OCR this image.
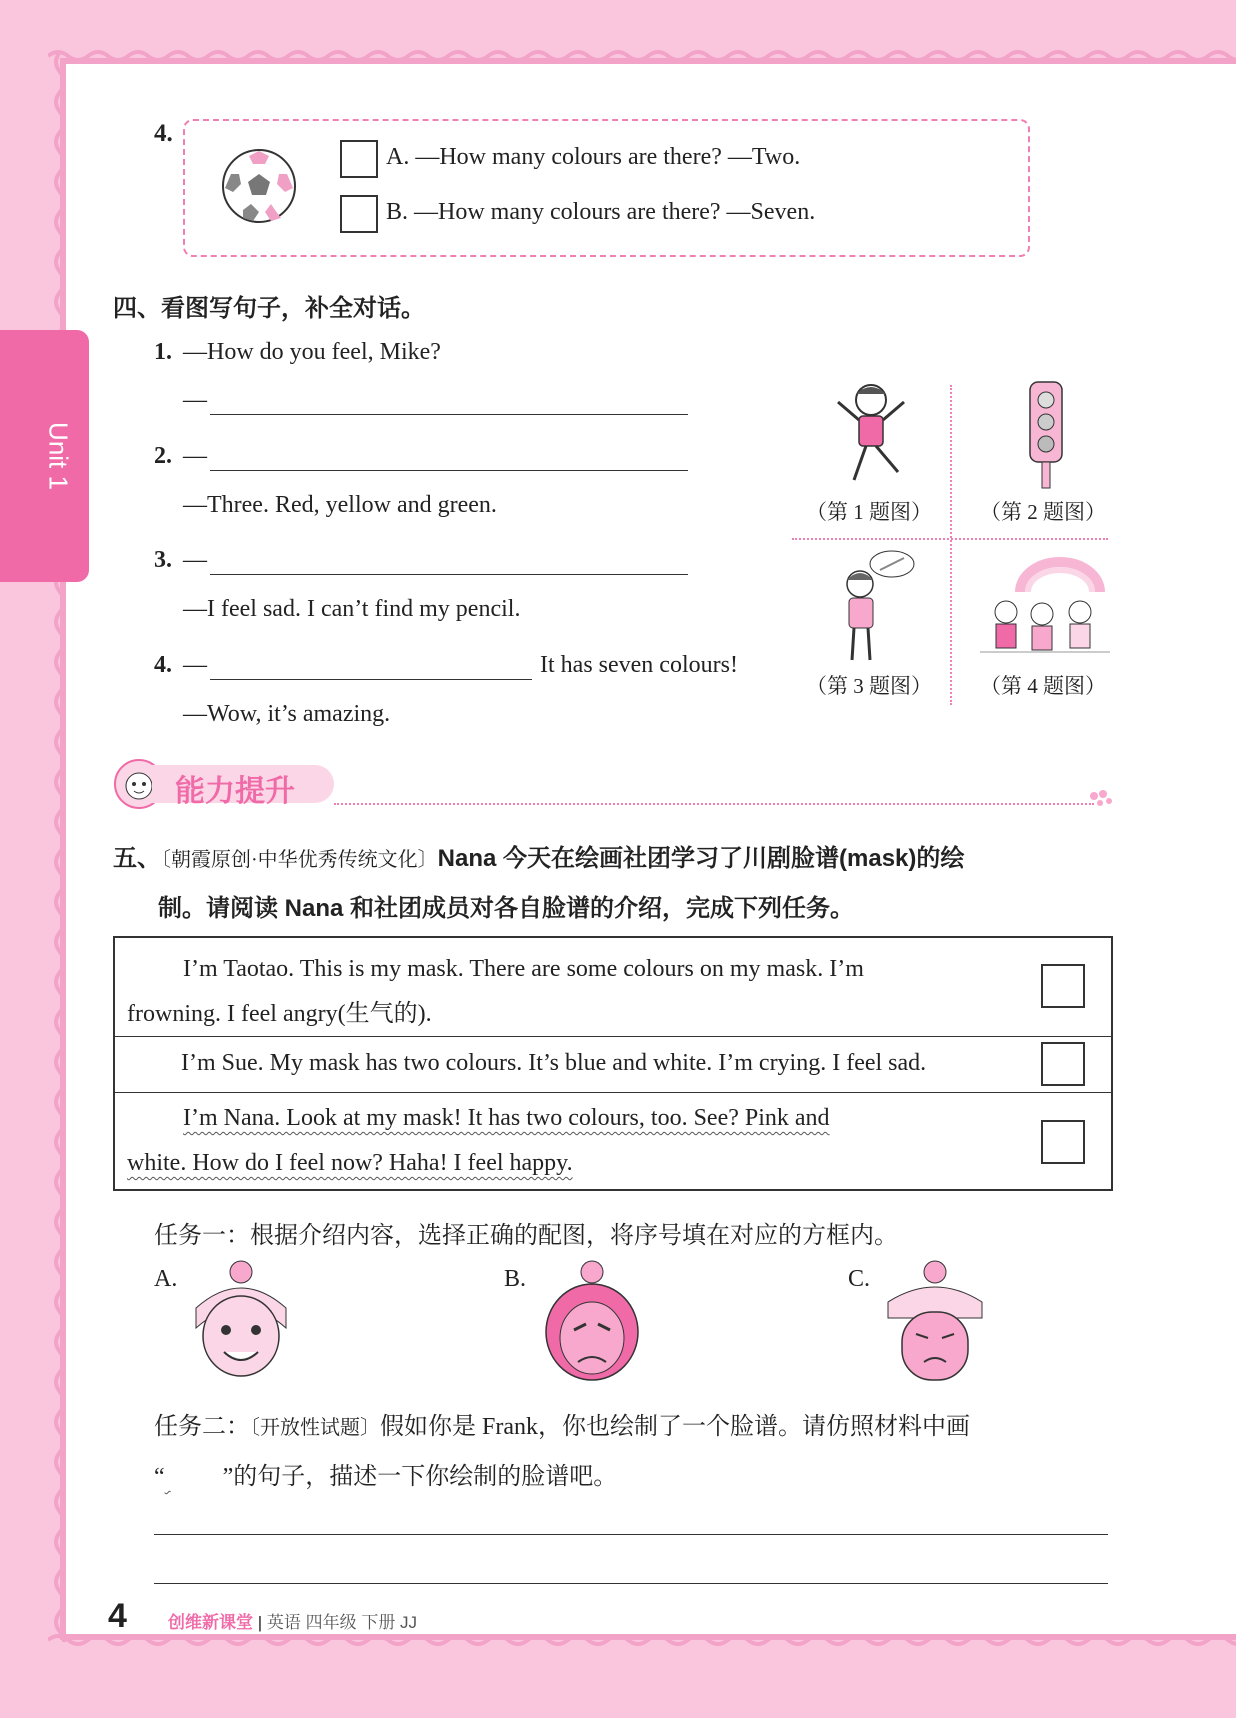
Unit 1
4.
A. —How many colours are there? —Two.
B. —How many colours are there? —Seven.
四、看图写句子，补全对话。
1. —How do you feel, Mike?
—
2. —
—Three. Red, yellow and green.
3. —
—I feel sad. I can’t find my pencil.
4. —	It has seven colours!
—Wow, it’s amazing.
（第 1 题图） （第 2 题图）
（第 3 题图） （第 4 题图）
能力提升
五、〔朝霞原创·中华优秀传统文化〕Nana 今天在绘画社团学习了川剧脸谱(mask)的绘
制。请阅读 Nana 和社团成员对各自脸谱的介绍，完成下列任务。
I’m Taotao. This is my mask. There are some colours on my mask. I’m
frowning. I feel angry(生气的).
I’m Sue. My mask has two colours. It’s blue and white. I’m crying. I feel sad.
I’m Nana. Look at my mask! It has two colours, too. See? Pink and
white. How do I feel now? Haha! I feel happy.
任务一：根据介绍内容，选择正确的配图，将序号填在对应的方框内。
A.	B.	C.
任务二：〔开放性试题〕假如你是 Frank，你也绘制了一个脸谱。请仿照材料中画
“ ”的句子，描述一下你绘制的脸谱吧。
4 创维新课堂 | 英语 四年级 下册 JJ
